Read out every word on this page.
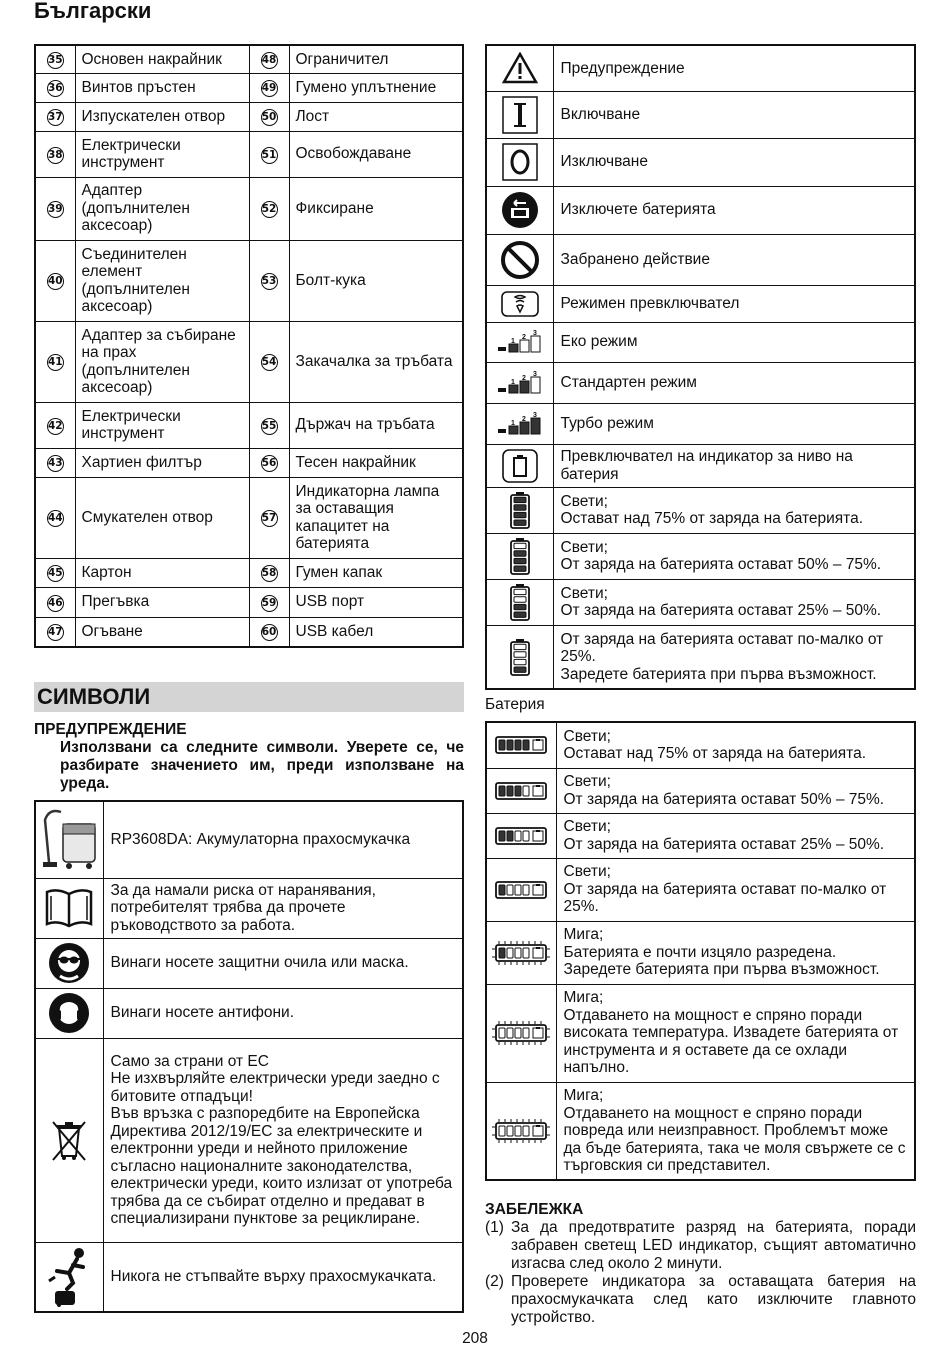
Български
35	Основен накрайник	48	Ограничител
36	Винтов пръстен	49	Гумено уплътнение
37	Изпускателен отвор	50	Лост
38	Електрически инструмент	51	Освобождаване
39	Адаптер (допълнителен аксесоар)	52	Фиксиране
40	Съединителен елемент (допълнителен аксесоар)	53	Болт-кука
41	Адаптер за събиране на прах (допълнителен аксесоар)	54	Закачалка за тръбата
42	Електрически инструмент	55	Държач на тръбата
43	Хартиен филтър	56	Тесен накрайник
44	Смукателен отвор	57	Индикаторна лампа за оставащия капацитет на батерията
45	Картон	58	Гумен капак
46	Прегъвка	59	USB порт
47	Огъване	60	USB кабел
СИМВОЛИ
ПРЕДУПРЕЖДЕНИЕ
Използвани са следните символи. Уверете се, че разбирате значението им, преди използване на уреда.
	RP3608DA: Акумулаторна прахосмукачка

	За да намали риска от наранявания, потребителят трябва да прочете ръководството за работа.

	Винаги носете защитни очила или маска.

	Винаги носете антифони.

	Само за страни от ЕС
Не изхвърляйте електрически уреди заедно с битовите отпадъци!
Във връзка с разпоредбите на Европейска Директива 2012/19/ЕС за електрическите и електронни уреди и нейното приложение съгласно националните законодателства, електрически уреди, които излизат от употреба трябва да се събират отделно и предават в специализирани пунктове за рециклиране.

	Никога не стъпвайте върху прахосмукачката.
	Предупреждение

	Включване

	Изключване

	Изключете батерията

	Забранено действие

	Режимен превключвател

1
2
3	Еко режим

1
2
3	Стандартен режим

1
2
3	Турбо режим

	Превключвател на индикатор за ниво на батерия

	Свети;
Остават над 75% от заряда на батерията.

	Свети;
От заряда на батерията остават 50% – 75%.

	Свети;
От заряда на батерията остават 25% – 50%.

	От заряда на батерията остават по-малко от 25%.
Заредете батерията при първа възможност.
Батерия
	Свети;
Остават над 75% от заряда на батерията.

	Свети;
От заряда на батерията остават 50% – 75%.

	Свети;
От заряда на батерията остават 25% – 50%.

	Свети;
От заряда на батерията остават по-малко от 25%.

	Мига;
Батерията е почти изцяло разредена.
Заредете батерията при първа възможност.

	Мига;
Отдаването на мощност е спряно поради високата температура. Извадете батерията от инструмента и я оставете да се охлади напълно.

	Мига;
Отдаването на мощност е спряно поради повреда или неизправност. Проблемът може да бъде батерията, така че моля свържете се с търговския си представител.
ЗАБЕЛЕЖКА
(1) За да предотвратите разряд на батерията, поради забравен светещ LED индикатор, същият автоматично изгасва след около 2 минути.
(2) Проверете индикатора за оставащата батерия на прахосмукачката след като изключите главното устройство.
208
